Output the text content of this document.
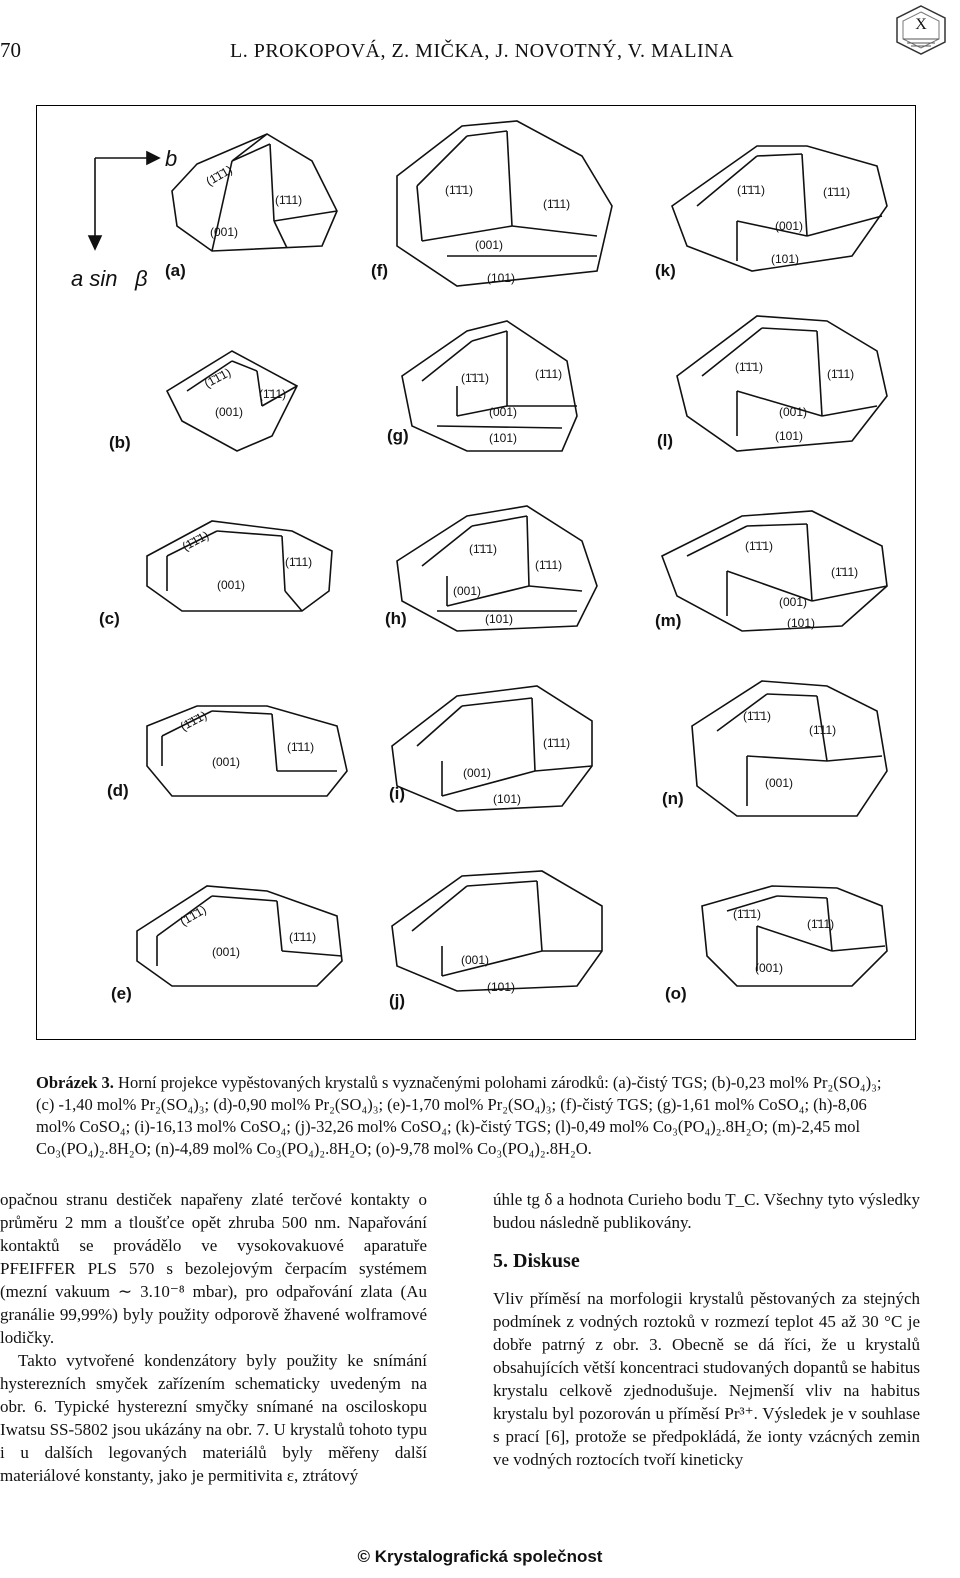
70	L. PROKOPOVÁ, Z. MIČKA, J. NOVOTNÝ, V. MALINA
X
b
a sin β (a)
(b)
(c)
(d)
(e)
(f)
(g)
(h)
(i)
(j)
(k)
(l)
(m)
(n)
(o)
(1̄1̄1)
(1̄11)
(001)
(1̄1̄1)
(1̄11)
(001)
(1̄1̄1)
(1̄11)
(001)
(1̄1̄1)
(1̄11)
(001)
(1̄1̄1)
(1̄11)
(001)
(1̄1̄1)
(1̄11)
(001)
(101)
(1̄1̄1)	(1̄11)
(001)
(101)
(1̄1̄1)
(1̄11)
(001)
(101)
(1̄11)
(001)
(101)
(001)
(101)
(1̄1̄1)	(1̄11)
(001)
(101)
(1̄1̄1)	(1̄11)
(001)
(101)
(1̄1̄1)
(1̄11)
(001)
(101)
(1̄1̄1)
(1̄11)
(001)
(1̄1̄1)
(1̄11)
(001)
Obrázek 3. Horní projekce vypěstovaných krystalů s vyznačenými polohami zárodků: (a)-čistý TGS; (b)-0,23 mol% Pr₂(SO₄)₃;
(c) -1,40 mol% Pr₂(SO₄)₃; (d)-0,90 mol% Pr₂(SO₄)₃; (e)-1,70 mol% Pr₂(SO₄)₃; (f)-čistý TGS; (g)-1,61 mol% CoSO₄; (h)-8,06
mol% CoSO₄; (i)-16,13 mol% CoSO₄; (j)-32,26 mol% CoSO₄; (k)-čistý TGS; (l)-0,49 mol% Co₃(PO₄)₂.8H₂O; (m)-2,45 mol
Co₃(PO₄)₂.8H₂O; (n)-4,89 mol% Co₃(PO₄)₂.8H₂O; (o)-9,78 mol% Co₃(PO₄)₂.8H₂O.

opačnou stranu destiček napařeny zlaté terčové kontakty o průměru 2 mm a tloušťce opět zhruba 500 nm. Napařování kontaktů se provádělo ve vysokovakuové aparatuře PFEIFFER PLS 570 s bezolejovým čerpacím systémem (mezní vakuum ∼ 3.10⁻⁸ mbar), pro odpařování zlata (Au granálie 99,99%) byly použity odporově žhavené wolframové lodičky.

Takto vytvořené kondenzátory byly použity ke snímání hysterezních smyček zařízením schematicky uvedeným na obr. 6. Typické hysterezní smyčky snímané na osciloskopu Iwatsu SS-5802 jsou ukázány na obr. 7. U krystalů tohoto typu i u dalších legovaných materiálů byly měřeny další materiálové konstanty, jako je permitivita ε, ztrátový

úhle tg δ a hodnota Curieho bodu T_C. Všechny tyto výsledky budou následně publikovány.

5. Diskuse

Vliv příměsí na morfologii krystalů pěstovaných za stejných podmínek z vodných roztoků v rozmezí teplot 45 až 30 °C je dobře patrný z obr. 3. Obecně se dá říci, že u krystalů obsahujících větší koncentraci studovaných dopantů se habitus krystalu celkově zjednodušuje. Nejmenší vliv na habitus krystalu byl pozorován u příměsí Pr³⁺. Výsledek je v souhlase s prací [6], protože se předpokládá, že ionty vzácných zemin ve vodných roztocích tvoří kineticky

© Krystalografická společnost
